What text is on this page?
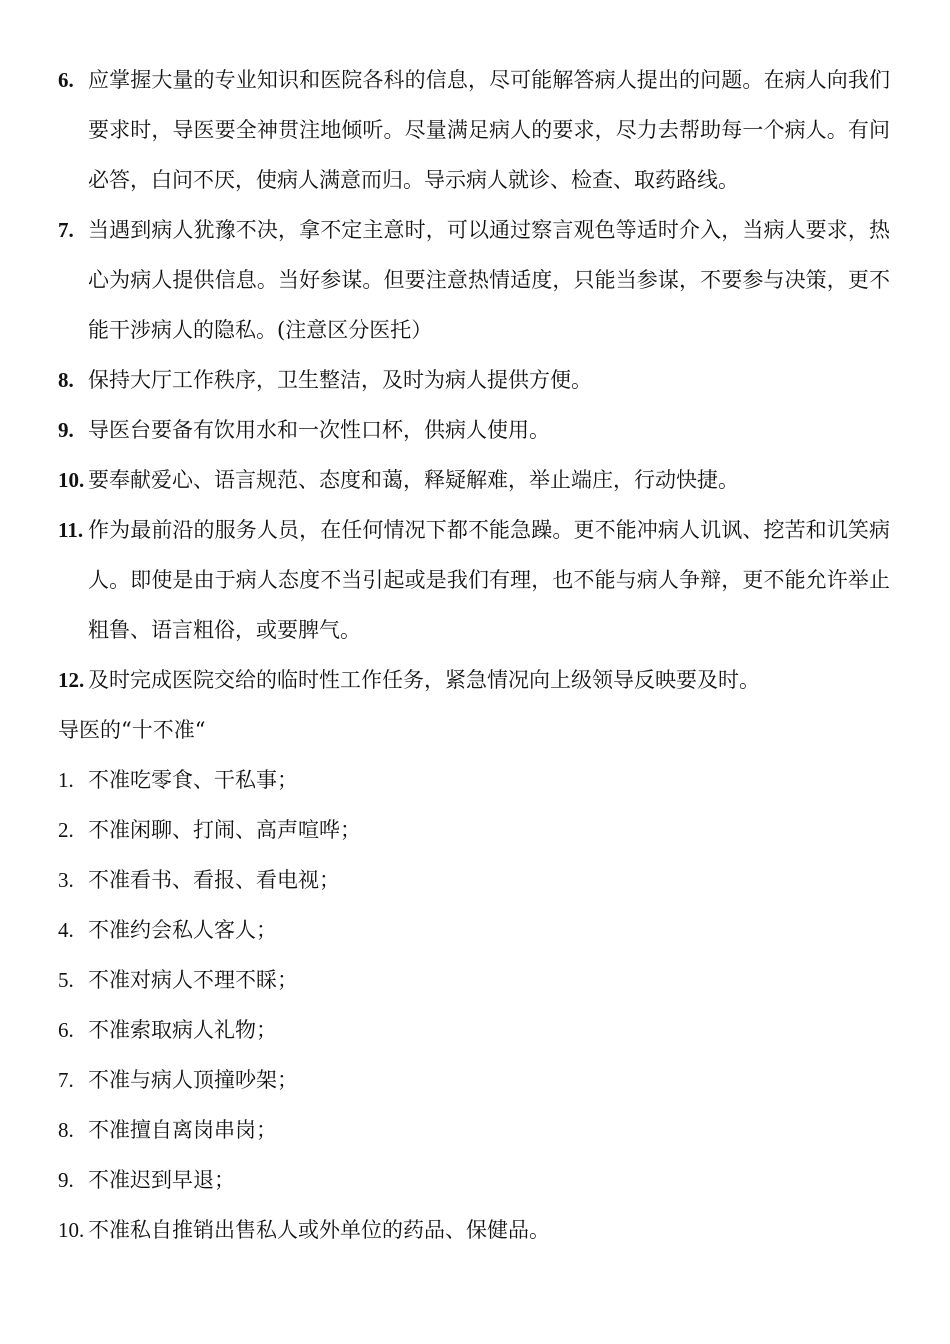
6. 应掌握大量的专业知识和医院各科的信息，尽可能解答病人提出的问题。在病人向我们要求时，导医要全神贯注地倾听。尽量满足病人的要求，尽力去帮助每一个病人。有问必答，白问不厌，使病人满意而归。导示病人就诊、检查、取药路线。
7. 当遇到病人犹豫不决，拿不定主意时，可以通过察言观色等适时介入，当病人要求，热心为病人提供信息。当好参谋。但要注意热情适度，只能当参谋，不要参与决策，更不能干涉病人的隐私。(注意区分医托）
8. 保持大厅工作秩序，卫生整洁，及时为病人提供方便。
9. 导医台要备有饮用水和一次性口杯，供病人使用。
10. 要奉献爱心、语言规范、态度和蔼，释疑解难，举止端庄，行动快捷。
11. 作为最前沿的服务人员，在任何情况下都不能急躁。更不能冲病人讥讽、挖苦和讥笑病人。即使是由于病人态度不当引起或是我们有理，也不能与病人争辩，更不能允许举止粗鲁、语言粗俗，或要脾气。
12. 及时完成医院交给的临时性工作任务，紧急情况向上级领导反映要及时。
导医的“十不准“
1. 不准吃零食、干私事；
2. 不准闲聊、打闹、高声喧哗；
3. 不准看书、看报、看电视；
4. 不准约会私人客人；
5. 不准对病人不理不睬；
6. 不准索取病人礼物；
7. 不准与病人顶撞吵架；
8. 不准擅自离岗串岗；
9. 不准迟到早退；
10. 不准私自推销出售私人或外单位的药品、保健品。
